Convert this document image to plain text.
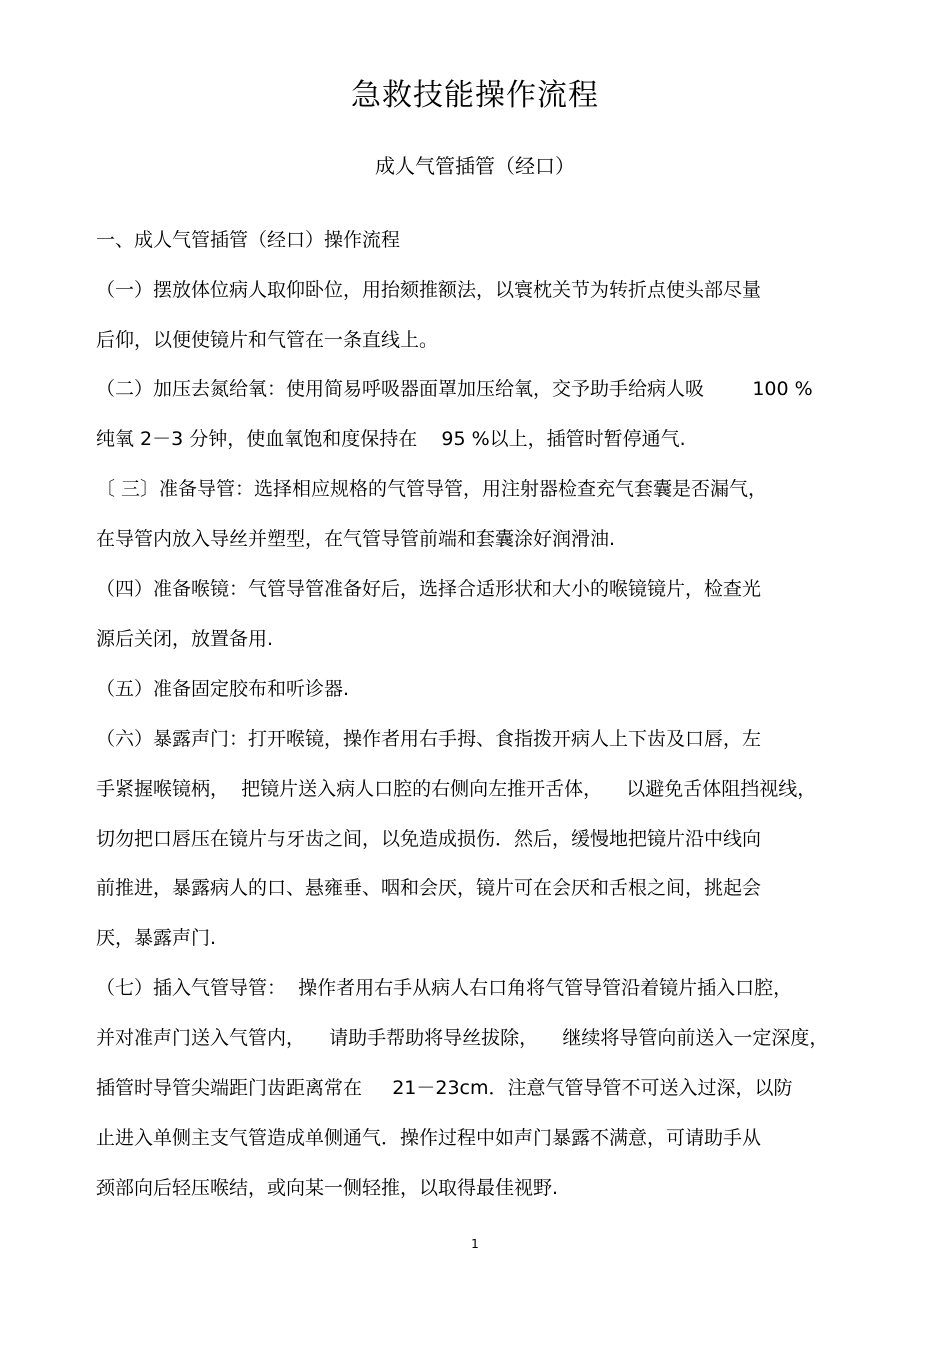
急救技能操作流程
成人气管插管（经口）
一、成人气管插管（经口）操作流程
（一）摆放体位病人取仰卧位，用抬颏推额法，以寰枕关节为转折点使头部尽量
后仰，以便使镜片和气管在一条直线上。
（二）加压去氮给氧：使用简易呼吸器面罩加压给氧，交予助手给病人吸        100 %
纯氧 2－3 分钟，使血氧饱和度保持在    95 %以上，插管时暂停通气.
〔 三〕准备导管：选择相应规格的气管导管，用注射器检查充气套囊是否漏气，
在导管内放入导丝并塑型，在气管导管前端和套囊涂好润滑油.
（四）准备喉镜：气管导管准备好后，选择合适形状和大小的喉镜镜片，检查光
源后关闭，放置备用.
（五）准备固定胶布和听诊器.
（六）暴露声门：打开喉镜，操作者用右手拇、食指拨开病人上下齿及口唇，左
手紧握喉镜柄，  把镜片送入病人口腔的右侧向左推开舌体，    以避免舌体阻挡视线，
切勿把口唇压在镜片与牙齿之间，以免造成损伤．然后，缓慢地把镜片沿中线向
前推进，暴露病人的口、悬雍垂、咽和会厌，镜片可在会厌和舌根之间，挑起会
厌，暴露声门.
（七）插入气管导管：  操作者用右手从病人右口角将气管导管沿着镜片插入口腔，
并对准声门送入气管内，    请助手帮助将导丝拔除，    继续将导管向前送入一定深度，
插管时导管尖端距门齿距离常在     21－23cm．注意气管导管不可送入过深，以防
止进入单侧主支气管造成单侧通气．操作过程中如声门暴露不满意，可请助手从
颈部向后轻压喉结，或向某一侧轻推，以取得最佳视野.
1
